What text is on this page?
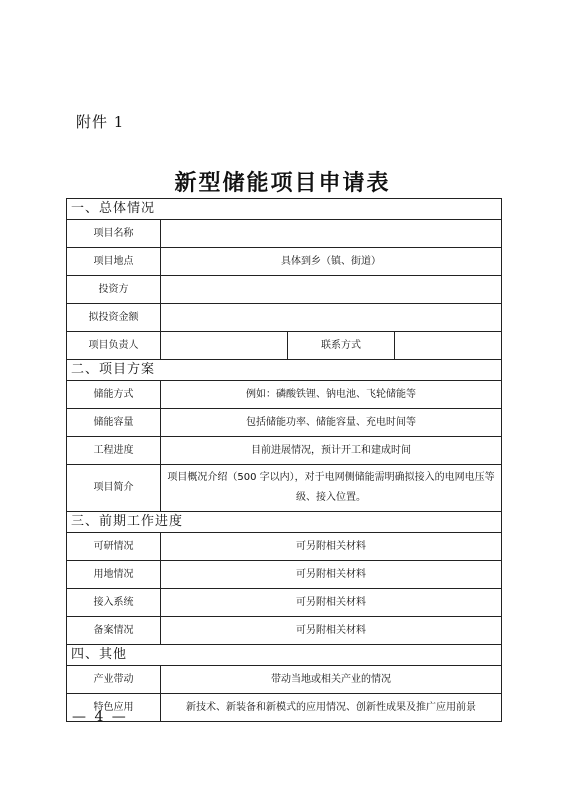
附件 1
新型储能项目申请表
一、总体情况			
项目名称			
项目地点	具体到乡（镇、街道）		
投资方			
拟投资金额			
项目负责人		联系方式	
二、项目方案			
储能方式	例如：磷酸铁锂、钠电池、飞轮储能等		
储能容量	包括储能功率、储能容量、充电时间等		
工程进度	目前进展情况，预计开工和建成时间		
项目简介	项目概况介绍（500 字以内），对于电网侧储能需明确拟接入的电网电压等级、接入位置。		
三、前期工作进度			
可研情况	可另附相关材料		
用地情况	可另附相关材料		
接入系统	可另附相关材料		
备案情况	可另附相关材料		
四、其他			
产业带动	带动当地或相关产业的情况		
特色应用	新技术、新装备和新模式的应用情况、创新性成果及推广应用前景		
— 4 —
